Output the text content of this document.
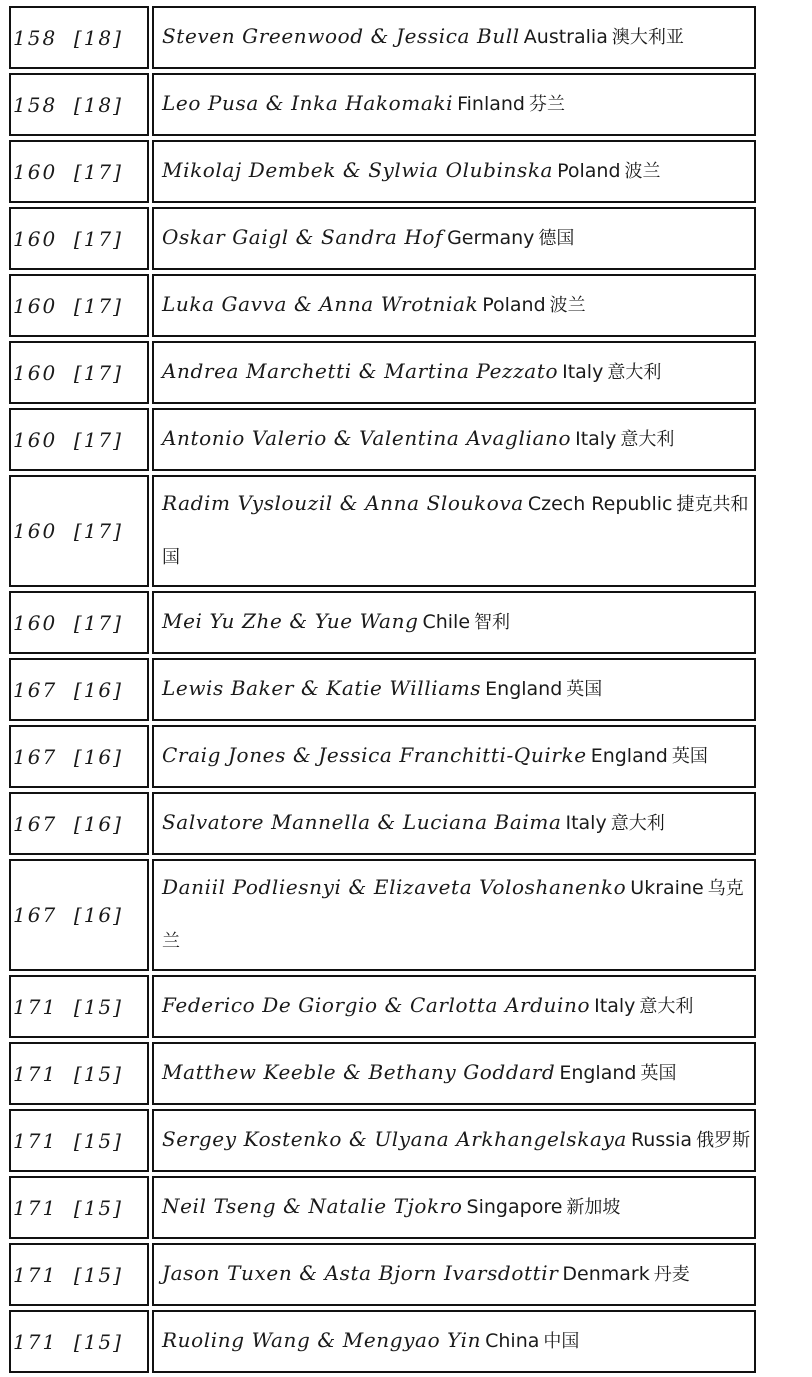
158 [18]	Steven Greenwood & Jessica Bull Australia 澳大利亚

158 [18]	Leo Pusa & Inka Hakomaki Finland 芬兰

160 [17]	Mikolaj Dembek & Sylwia Olubinska Poland 波兰

160 [17]	Oskar Gaigl & Sandra Hof Germany 德国

160 [17]	Luka Gavva & Anna Wrotniak Poland 波兰

160 [17]	Andrea Marchetti & Martina Pezzato Italy 意大利

160 [17]	Antonio Valerio & Valentina Avagliano Italy 意大利

160 [17]	Radim Vyslouzil & Anna Sloukova Czech Republic 捷克共和国

160 [17]	Mei Yu Zhe & Yue Wang Chile 智利

167 [16]	Lewis Baker & Katie Williams England 英国

167 [16]	Craig Jones & Jessica Franchitti-Quirke England 英国

167 [16]	Salvatore Mannella & Luciana Baima Italy 意大利

167 [16]	Daniil Podliesnyi & Elizaveta Voloshanenko Ukraine 乌克兰

171 [15]	Federico De Giorgio & Carlotta Arduino Italy 意大利

171 [15]	Matthew Keeble & Bethany Goddard England 英国

171 [15]	Sergey Kostenko & Ulyana Arkhangelskaya Russia 俄罗斯

171 [15]	Neil Tseng & Natalie Tjokro Singapore 新加坡

171 [15]	Jason Tuxen & Asta Bjorn Ivarsdottir Denmark 丹麦

171 [15]	Ruoling Wang & Mengyao Yin China 中国
